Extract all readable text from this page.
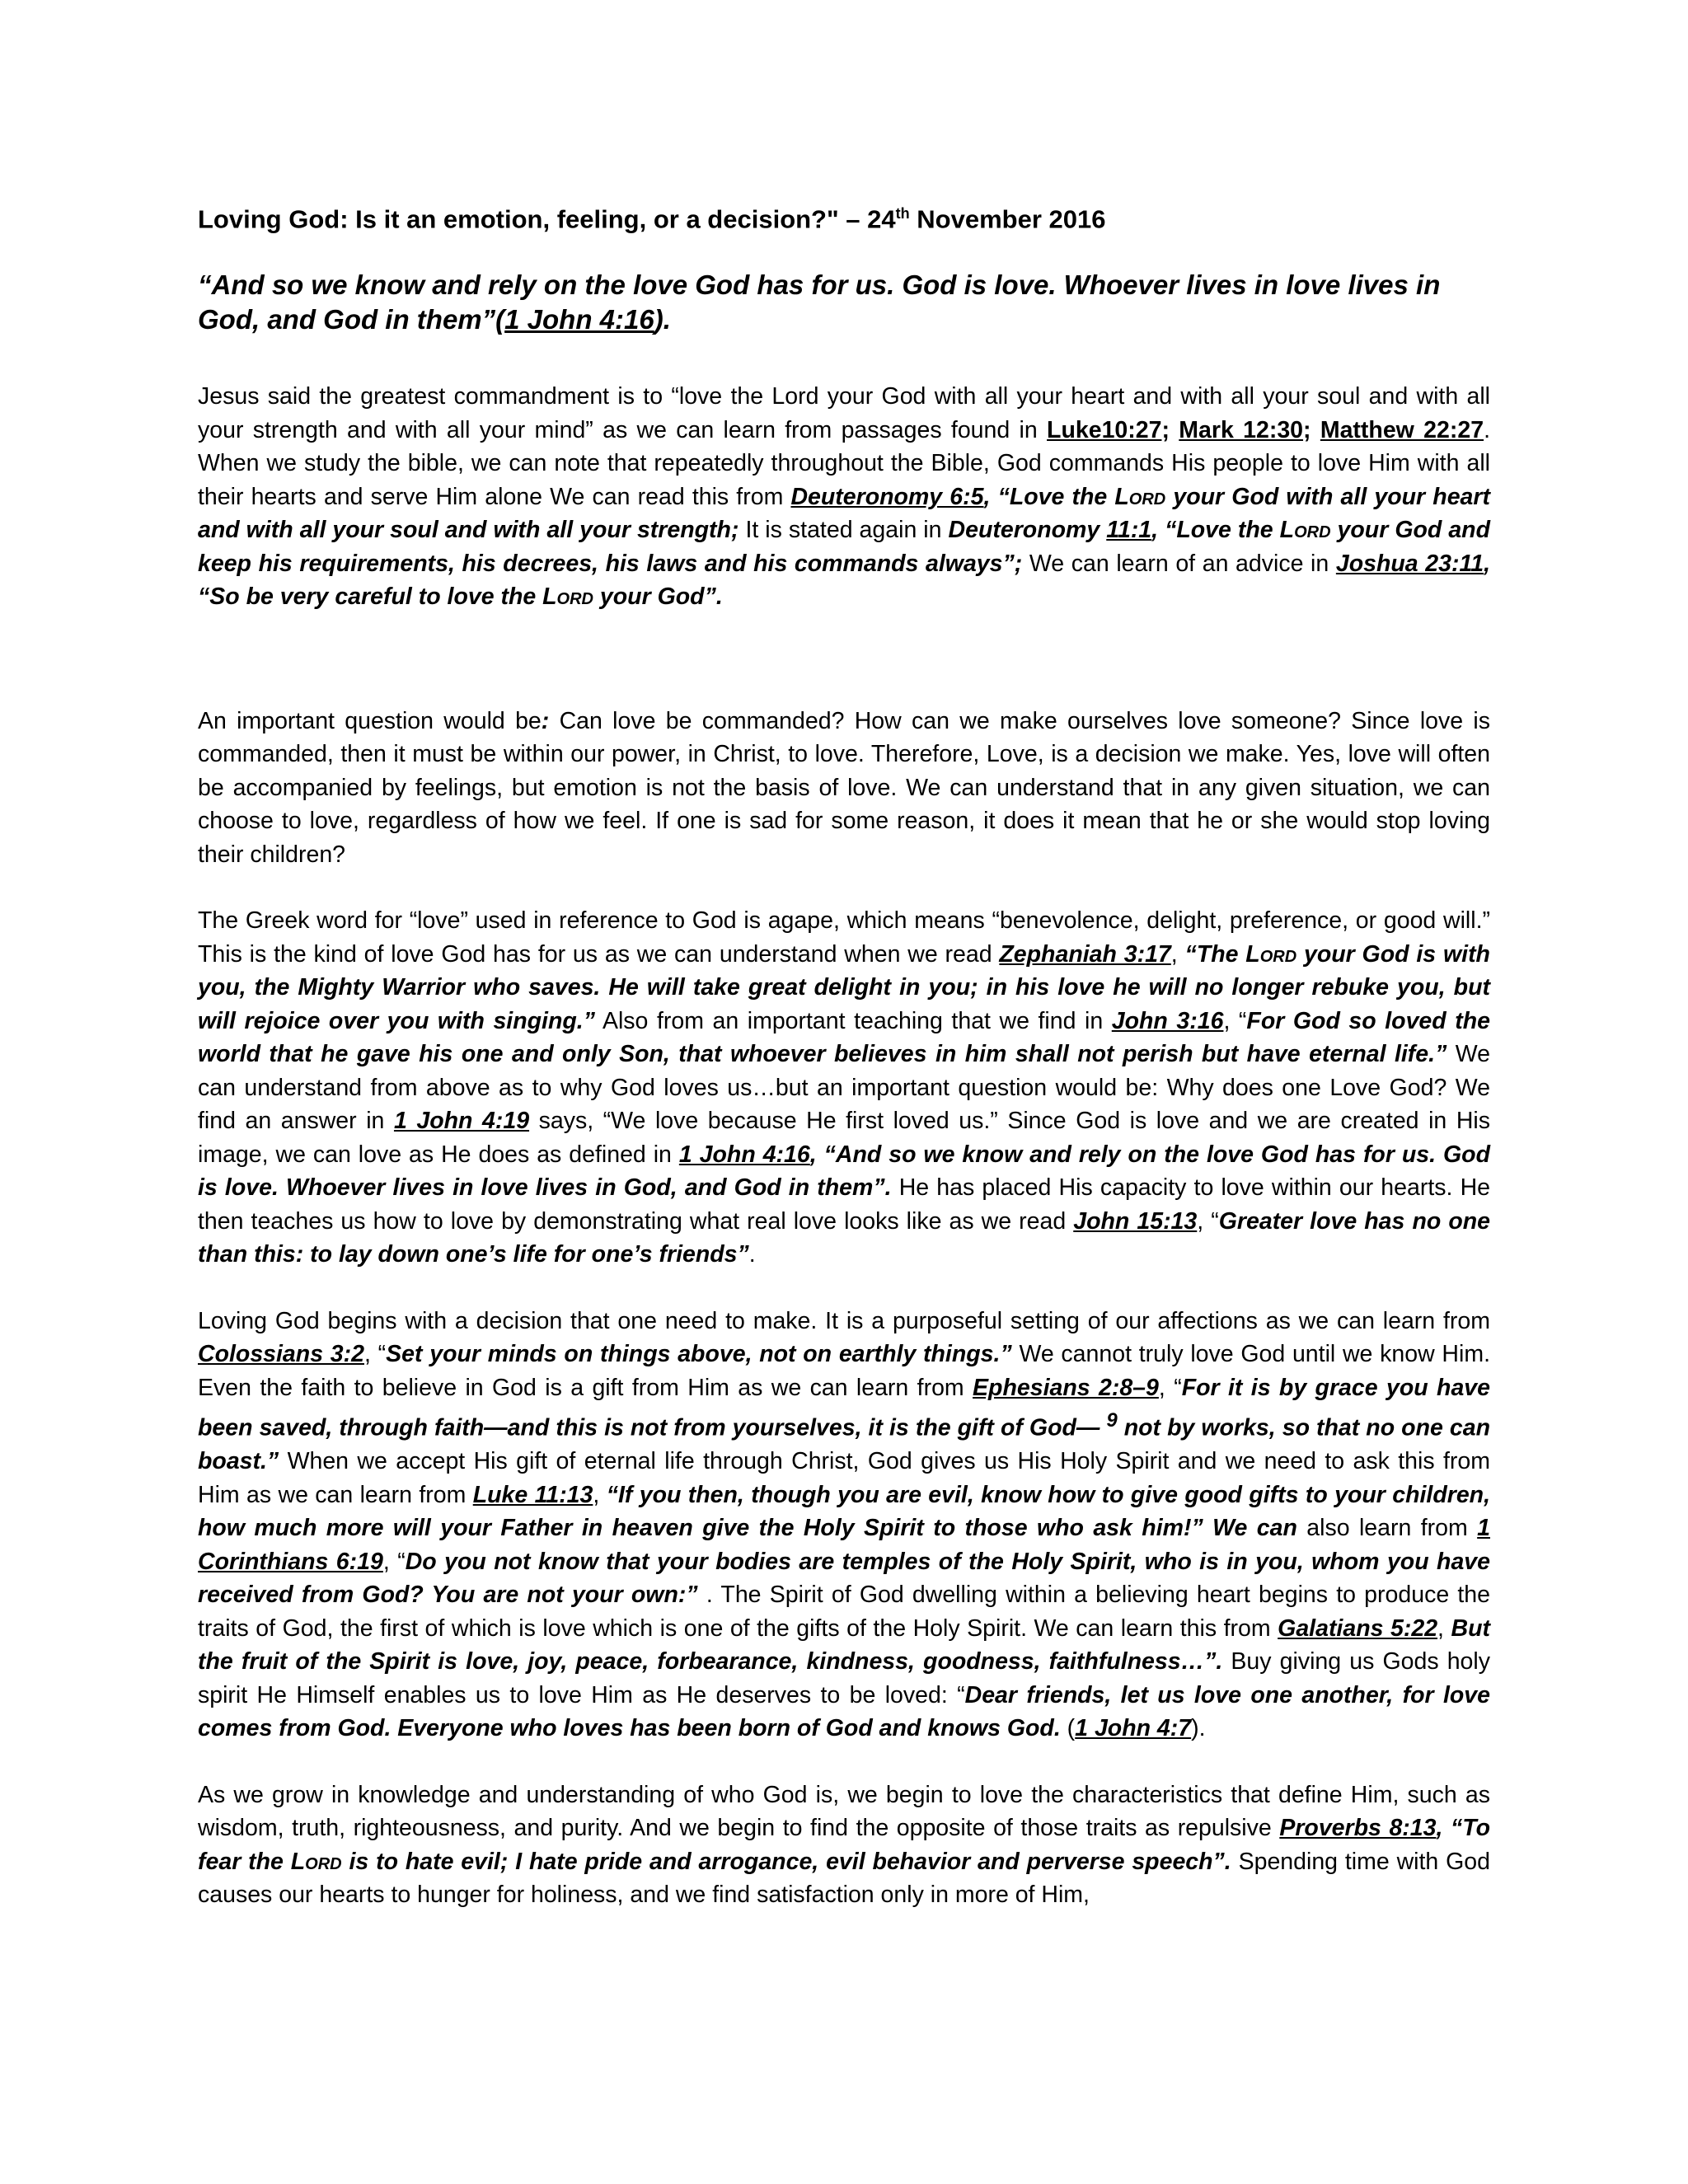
Loving God: Is it an emotion, feeling, or a decision?" – 24th November 2016
“And so we know and rely on the love God has for us. God is love. Whoever lives in love lives in God, and God in them”(1 John 4:16).

Jesus said the greatest commandment is to “love the Lord your God with all your heart and with all your soul and with all your strength and with all your mind” as we can learn from passages found in Luke10:27; Mark 12:30; Matthew 22:27. When we study the bible, we can note that repeatedly throughout the Bible, God commands His people to love Him with all their hearts and serve Him alone We can read this from Deuteronomy 6:5, “Love the Lord your God with all your heart and with all your soul and with all your strength; It is stated again in Deuteronomy 11:1, “Love the Lord your God and keep his requirements, his decrees, his laws and his commands always”; We can learn of an advice in Joshua 23:11, “So be very careful to love the Lord your God”.

An important question would be: Can love be commanded? How can we make ourselves love someone? Since love is commanded, then it must be within our power, in Christ, to love. Therefore, Love, is a decision we make. Yes, love will often be accompanied by feelings, but emotion is not the basis of love. We can understand that in any given situation, we can choose to love, regardless of how we feel. If one is sad for some reason, it does it mean that he or she would stop loving their children?

The Greek word for “love” used in reference to God is agape, which means “benevolence, delight, preference, or good will.” This is the kind of love God has for us as we can understand when we read Zephaniah 3:17, “The Lord your God is with you, the Mighty Warrior who saves. He will take great delight in you; in his love he will no longer rebuke you, but will rejoice over you with singing.” Also from an important teaching that we find in John 3:16, “For God so loved the world that he gave his one and only Son, that whoever believes in him shall not perish but have eternal life.” We can understand from above as to why God loves us…but an important question would be: Why does one Love God? We find an answer in 1 John 4:19 says, “We love because He first loved us.” Since God is love and we are created in His image, we can love as He does as defined in 1 John 4:16, “And so we know and rely on the love God has for us. God is love. Whoever lives in love lives in God, and God in them”. He has placed His capacity to love within our hearts. He then teaches us how to love by demonstrating what real love looks like as we read John 15:13, “Greater love has no one than this: to lay down one’s life for one’s friends”.

Loving God begins with a decision that one need to make. It is a purposeful setting of our affections as we can learn from Colossians 3:2, “Set your minds on things above, not on earthly things.” We cannot truly love God until we know Him. Even the faith to believe in God is a gift from Him as we can learn from Ephesians 2:8–9, “For it is by grace you have been saved, through faith—and this is not from yourselves, it is the gift of God— $^9$ not by works, so that no one can boast.” When we accept His gift of eternal life through Christ, God gives us His Holy Spirit and we need to ask this from Him as we can learn from Luke 11:13, “If you then, though you are evil, know how to give good gifts to your children, how much more will your Father in heaven give the Holy Spirit to those who ask him!” We can also learn from 1 Corinthians 6:19, “Do you not know that your bodies are temples of the Holy Spirit, who is in you, whom you have received from God? You are not your own:” . The Spirit of God dwelling within a believing heart begins to produce the traits of God, the first of which is love which is one of the gifts of the Holy Spirit. We can learn this from Galatians 5:22, But the fruit of the Spirit is love, joy, peace, forbearance, kindness, goodness, faithfulness…”. Buy giving us Gods holy spirit He Himself enables us to love Him as He deserves to be loved: “Dear friends, let us love one another, for love comes from God. Everyone who loves has been born of God and knows God. (1 John 4:7).

As we grow in knowledge and understanding of who God is, we begin to love the characteristics that define Him, such as wisdom, truth, righteousness, and purity. And we begin to find the opposite of those traits as repulsive Proverbs 8:13, “To fear the Lord is to hate evil; I hate pride and arrogance, evil behavior and perverse speech”. Spending time with God causes our hearts to hunger for holiness, and we find satisfaction only in more of Him,
